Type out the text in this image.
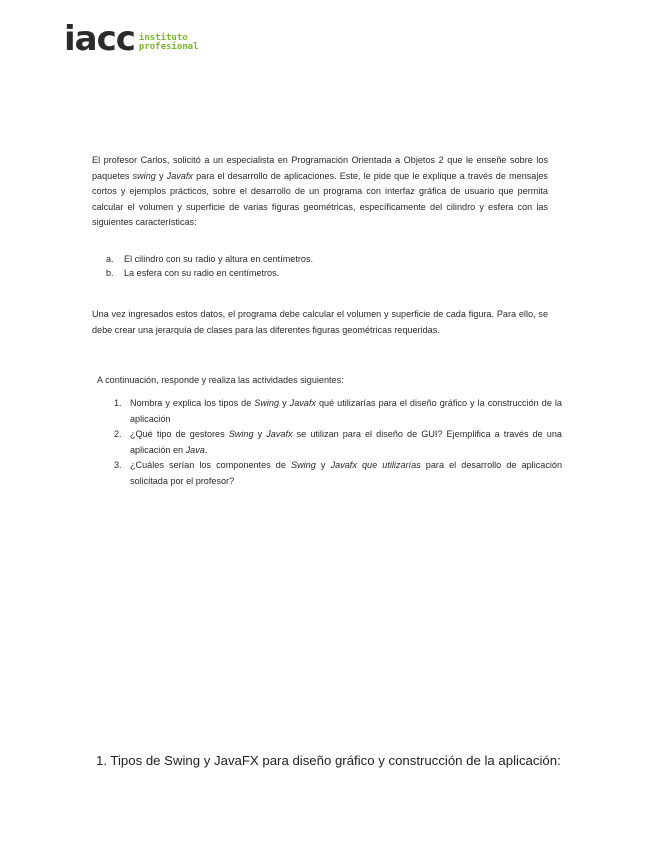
iacc instituto
profesional
El profesor Carlos, solicitó a un especialista en Programación Orientada a Objetos 2 que le enseñe sobre los paquetes swing y Javafx para el desarrollo de aplicaciones. Este, le pide que le explique a través de mensajes cortos y ejemplos prácticos, sobre el desarrollo de un programa con interfaz gráfica de usuario que permita calcular el volumen y superficie de varias figuras geométricas, específicamente del cilindro y esfera con las siguientes características:
a.	El cilindro con su radio y altura en centímetros.
b.	La esfera con su radio en centímetros.
Una vez ingresados estos datos, el programa debe calcular el volumen y superficie de cada figura. Para ello, se debe crear una jerarquía de clases para las diferentes figuras geométricas requeridas.
A continuación, responde y realiza las actividades siguientes:
1. Nombra y explica los tipos de Swing y Javafx qué utilizarías para el diseño gráfico y la construcción de la aplicación
2. ¿Qué tipo de gestores Swing y Javafx se utilizan para el diseño de GUI? Ejemplifica a través de una aplicación en Java.
3. ¿Cuáles serían los componentes de Swing y Javafx que utilizarías para el desarrollo de aplicación solicitada por el profesor?
1. Tipos de Swing y JavaFX para diseño gráfico y construcción de la aplicación:
